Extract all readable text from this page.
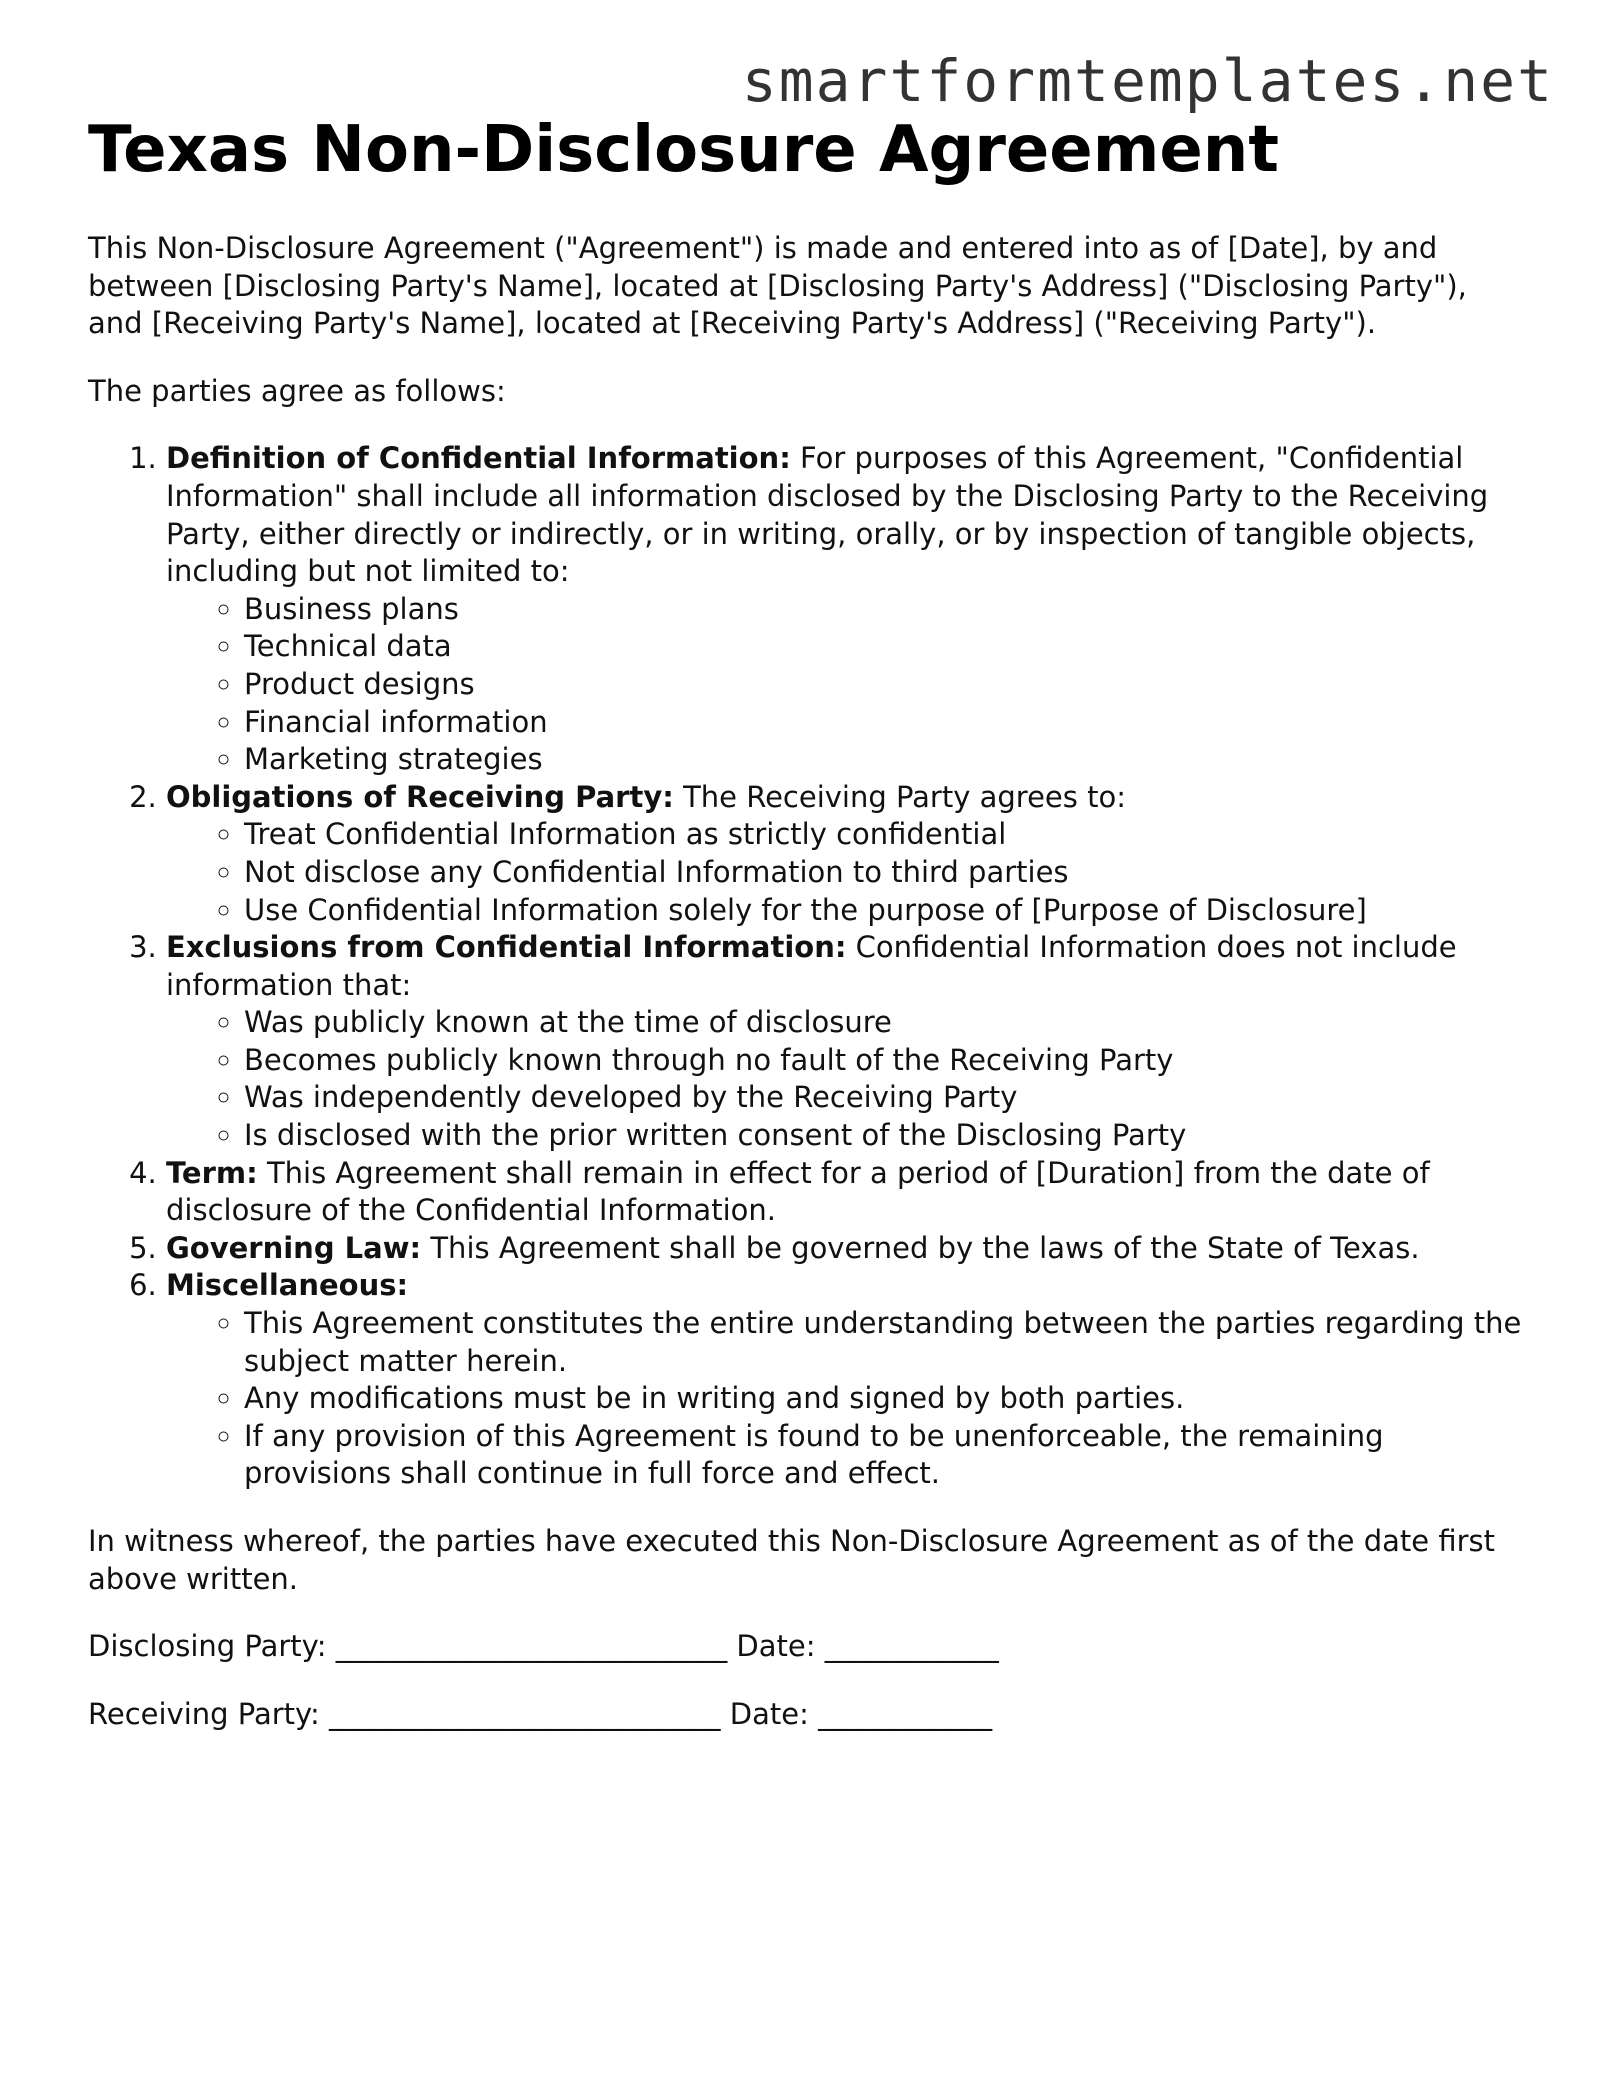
smartformtemplates.net
Texas Non-Disclosure Agreement

This Non-Disclosure Agreement ("Agreement") is made and entered into as of [Date], by and between [Disclosing Party's Name], located at [Disclosing Party's Address] ("Disclosing Party"), and [Receiving Party's Name], located at [Receiving Party's Address] ("Receiving Party").

The parties agree as follows:

1. Definition of Confidential Information: For purposes of this Agreement, "Confidential Information" shall include all information disclosed by the Disclosing Party to the Receiving Party, either directly or indirectly, or in writing, orally, or by inspection of tangible objects, including but not limited to:
◦ Business plans
◦ Technical data
◦ Product designs
◦ Financial information
◦ Marketing strategies
2. Obligations of Receiving Party: The Receiving Party agrees to:
◦ Treat Confidential Information as strictly confidential
◦ Not disclose any Confidential Information to third parties
◦ Use Confidential Information solely for the purpose of [Purpose of Disclosure]
3. Exclusions from Confidential Information: Confidential Information does not include information that:
◦ Was publicly known at the time of disclosure
◦ Becomes publicly known through no fault of the Receiving Party
◦ Was independently developed by the Receiving Party
◦ Is disclosed with the prior written consent of the Disclosing Party
4. Term: This Agreement shall remain in effect for a period of [Duration] from the date of disclosure of the Confidential Information.
5. Governing Law: This Agreement shall be governed by the laws of the State of Texas.
6. Miscellaneous:
◦ This Agreement constitutes the entire understanding between the parties regarding the subject matter herein.
◦ Any modifications must be in writing and signed by both parties.
◦ If any provision of this Agreement is found to be unenforceable, the remaining provisions shall continue in full force and effect.

In witness whereof, the parties have executed this Non-Disclosure Agreement as of the date first above written.

Disclosing Party: ___________________________ Date: ____________

Receiving Party: ___________________________ Date: ____________
